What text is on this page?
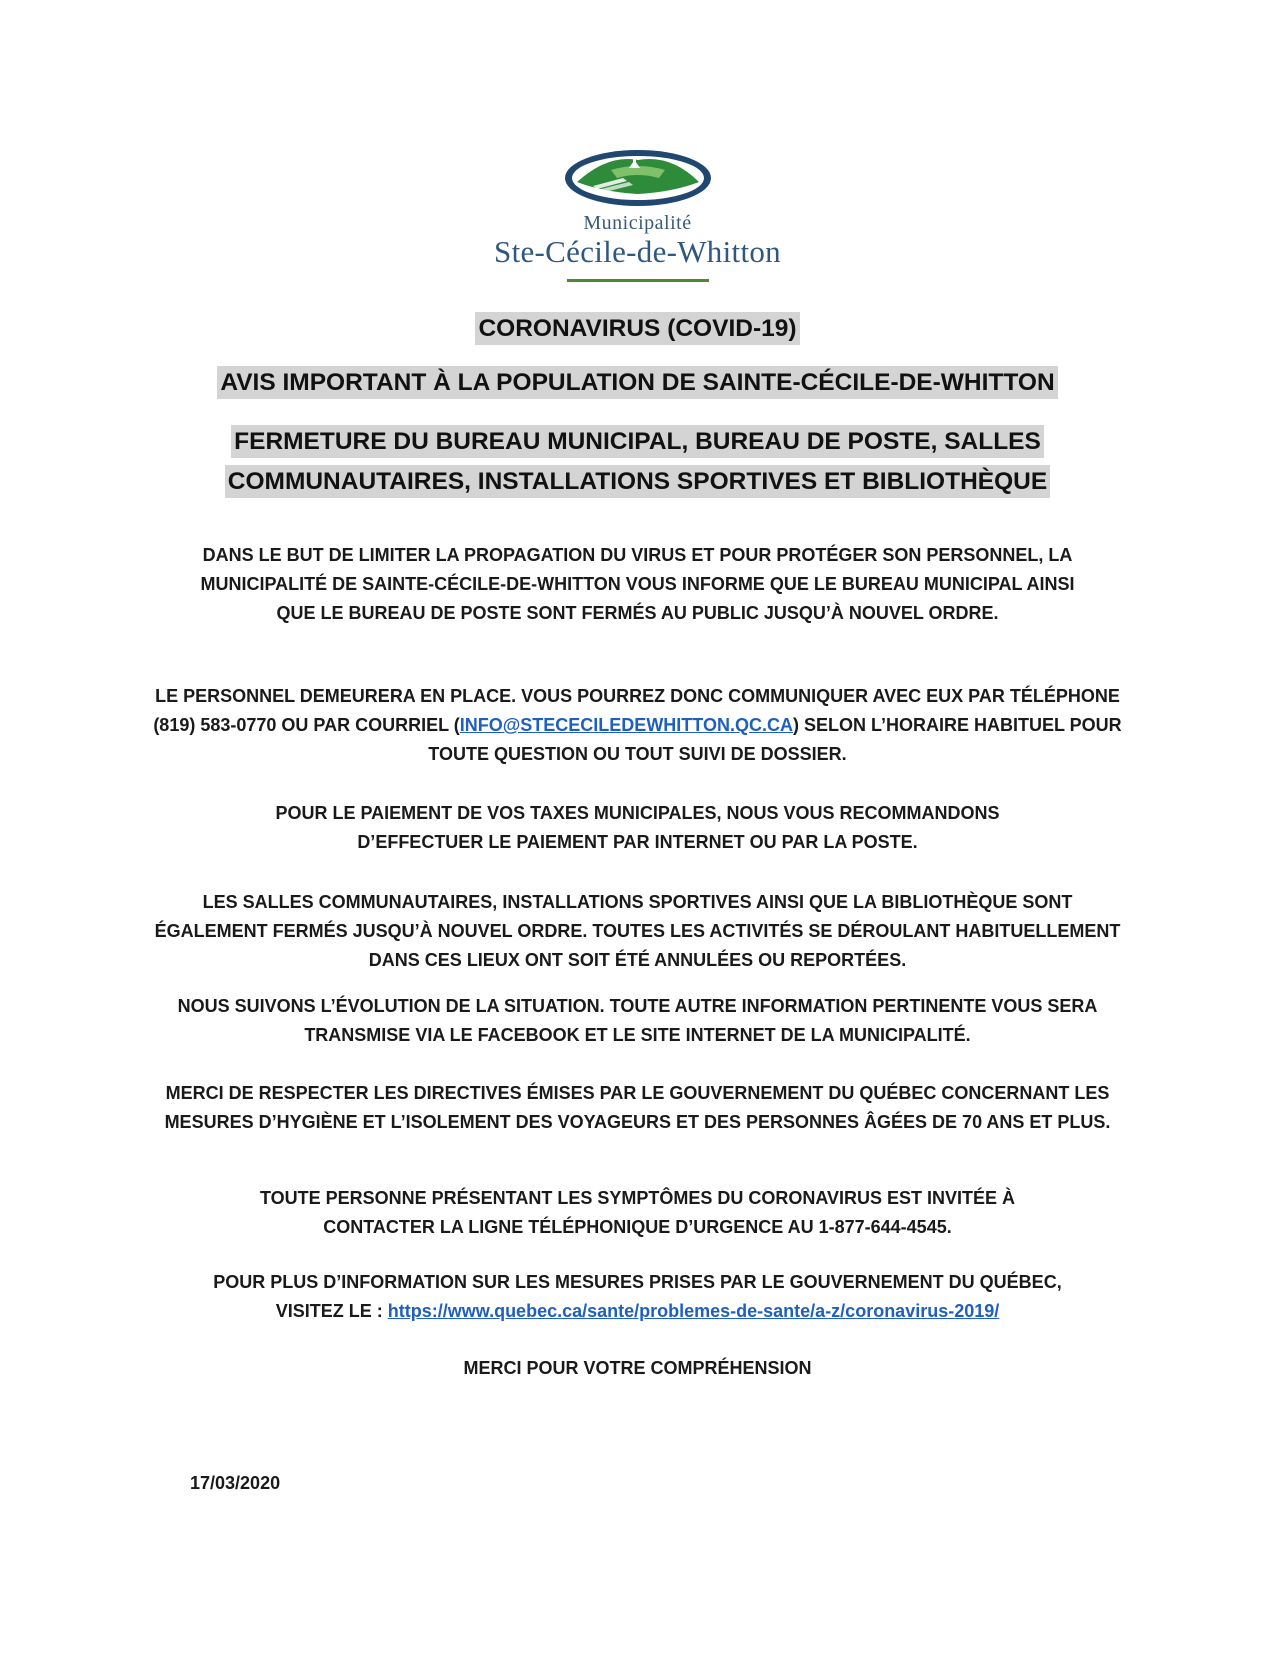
Municipalité
Ste-Cécile-de-Whitton
CORONAVIRUS (COVID-19)
AVIS IMPORTANT À LA POPULATION DE SAINTE-CÉCILE-DE-WHITTON
FERMETURE DU BUREAU MUNICIPAL, BUREAU DE POSTE, SALLES
COMMUNAUTAIRES, INSTALLATIONS SPORTIVES ET BIBLIOTHÈQUE
DANS LE BUT DE LIMITER LA PROPAGATION DU VIRUS ET POUR PROTÉGER SON PERSONNEL, LA MUNICIPALITÉ DE SAINTE-CÉCILE-DE-WHITTON VOUS INFORME QUE LE BUREAU MUNICIPAL AINSI QUE LE BUREAU DE POSTE SONT FERMÉS AU PUBLIC JUSQU’À NOUVEL ORDRE.
LE PERSONNEL DEMEURERA EN PLACE. VOUS POURREZ DONC COMMUNIQUER AVEC EUX PAR TÉLÉPHONE (819) 583-0770 OU PAR COURRIEL (INFO@STECECILEDEWHITTON.QC.CA) SELON L’HORAIRE HABITUEL POUR TOUTE QUESTION OU TOUT SUIVI DE DOSSIER.
POUR LE PAIEMENT DE VOS TAXES MUNICIPALES, NOUS VOUS RECOMMANDONS D’EFFECTUER LE PAIEMENT PAR INTERNET OU PAR LA POSTE.
LES SALLES COMMUNAUTAIRES, INSTALLATIONS SPORTIVES AINSI QUE LA BIBLIOTHÈQUE SONT ÉGALEMENT FERMÉS JUSQU’À NOUVEL ORDRE. TOUTES LES ACTIVITÉS SE DÉROULANT HABITUELLEMENT DANS CES LIEUX ONT SOIT ÉTÉ ANNULÉES OU REPORTÉES.
NOUS SUIVONS L’ÉVOLUTION DE LA SITUATION. TOUTE AUTRE INFORMATION PERTINENTE VOUS SERA TRANSMISE VIA LE FACEBOOK ET LE SITE INTERNET DE LA MUNICIPALITÉ.
MERCI DE RESPECTER LES DIRECTIVES ÉMISES PAR LE GOUVERNEMENT DU QUÉBEC CONCERNANT LES MESURES D’HYGIÈNE ET L’ISOLEMENT DES VOYAGEURS ET DES PERSONNES ÂGÉES DE 70 ANS ET PLUS.
TOUTE PERSONNE PRÉSENTANT LES SYMPTÔMES DU CORONAVIRUS EST INVITÉE À CONTACTER LA LIGNE TÉLÉPHONIQUE D’URGENCE AU 1-877-644-4545.
POUR PLUS D’INFORMATION SUR LES MESURES PRISES PAR LE GOUVERNEMENT DU QUÉBEC,
VISITEZ LE : https://www.quebec.ca/sante/problemes-de-sante/a-z/coronavirus-2019/
MERCI POUR VOTRE COMPRÉHENSION
17/03/2020
